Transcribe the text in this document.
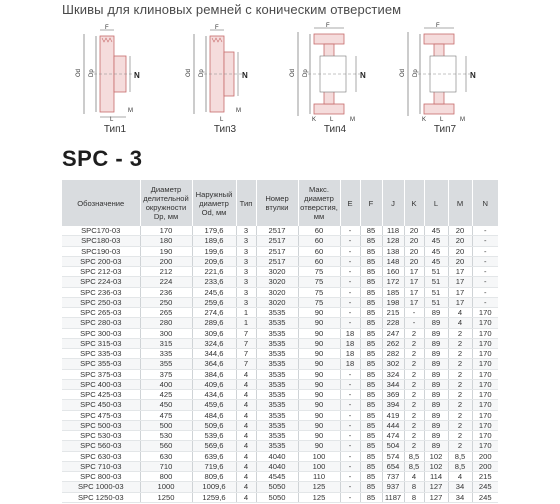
Шкивы для клиновых ремней с коническим отверстием
F
Od Dp	N
L
M
Тип1
F
Od Dp	N
L
M
Тип3
F
Od Dp	N
K L	M
Тип4
F
Od Dp	N
K L	M
Тип7
SPC - 3
Обозначение	Диаметр делительной окружности Dp, мм	Наружный диаметр Od, мм	Тип	Номер втулки	Макс. диаметр отверстия, мм	E	F	J	K	L	M	N
SPC170-03	170	179,6	3	2517	60	-	85	118	20	45	20	-
SPC180-03	180	189,6	3	2517	60	-	85	128	20	45	20	-
SPC190-03	190	199,6	3	2517	60	-	85	138	20	45	20	-
SPC 200-03	200	209,6	3	2517	60	-	85	148	20	45	20	-
SPC 212-03	212	221,6	3	3020	75	-	85	160	17	51	17	-
SPC 224-03	224	233,6	3	3020	75	-	85	172	17	51	17	-
SPC 236-03	236	245,6	3	3020	75	-	85	185	17	51	17	-
SPC 250-03	250	259,6	3	3020	75	-	85	198	17	51	17	-
SPC 265-03	265	274,6	1	3535	90	-	85	215	-	89	4	170
SPC 280-03	280	289,6	1	3535	90	-	85	228	-	89	4	170
SPC 300-03	300	309,6	7	3535	90	18	85	247	2	89	2	170
SPC 315-03	315	324,6	7	3535	90	18	85	262	2	89	2	170
SPC 335-03	335	344,6	7	3535	90	18	85	282	2	89	2	170
SPC 355-03	355	364,6	7	3535	90	18	85	302	2	89	2	170
SPC 375-03	375	384,6	4	3535	90	-	85	324	2	89	2	170
SPC 400-03	400	409,6	4	3535	90	-	85	344	2	89	2	170
SPC 425-03	425	434,6	4	3535	90	-	85	369	2	89	2	170
SPC 450-03	450	459,6	4	3535	90	-	85	394	2	89	2	170
SPC 475-03	475	484,6	4	3535	90	-	85	419	2	89	2	170
SPC 500-03	500	509,6	4	3535	90	-	85	444	2	89	2	170
SPC 530-03	530	539,6	4	3535	90	-	85	474	2	89	2	170
SPC 560-03	560	569,6	4	3535	90	-	85	504	2	89	2	170
SPC 630-03	630	639,6	4	4040	100	-	85	574	8,5	102	8,5	200
SPC 710-03	710	719,6	4	4040	100	-	85	654	8,5	102	8,5	200
SPC 800-03	800	809,6	4	4545	110	-	85	737	4	114	4	215
SPC 1000-03	1000	1009,6	4	5050	125	-	85	937	8	127	34	245
SPC 1250-03	1250	1259,6	4	5050	125	-	85	1187	8	127	34	245
